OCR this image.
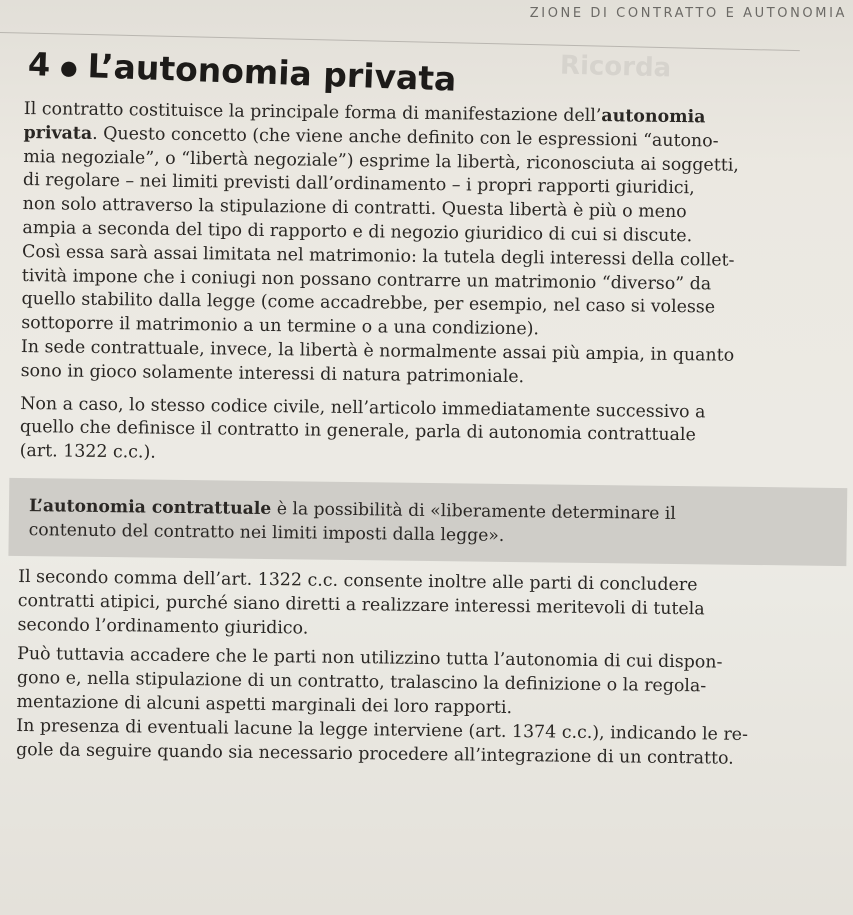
ZIONE DI CONTRATTO E AUTONOMIA
Ricorda
4 ● L’autonomia privata

Il contratto costituisce la principale forma di manifestazione dell’autonomia
privata. Questo concetto (che viene anche definito con le espressioni “autono-
mia negoziale”, o “libertà negoziale”) esprime la libertà, riconosciuta ai soggetti,
di regolare – nei limiti previsti dall’ordinamento – i propri rapporti giuridici,
non solo attraverso la stipulazione di contratti. Questa libertà è più o meno
ampia a seconda del tipo di rapporto e di negozio giuridico di cui si discute.
Così essa sarà assai limitata nel matrimonio: la tutela degli interessi della collet-
tività impone che i coniugi non possano contrarre un matrimonio “diverso” da
quello stabilito dalla legge (come accadrebbe, per esempio, nel caso si volesse
sottoporre il matrimonio a un termine o a una condizione).
In sede contrattuale, invece, la libertà è normalmente assai più ampia, in quanto
sono in gioco solamente interessi di natura patrimoniale.

Non a caso, lo stesso codice civile, nell’articolo immediatamente successivo a
quello che definisce il contratto in generale, parla di autonomia contrattuale
(art. 1322 c.c.).

L’autonomia contrattuale è la possibilità di «liberamente determinare il
contenuto del contratto nei limiti imposti dalla legge».

Il secondo comma dell’art. 1322 c.c. consente inoltre alle parti di concludere
contratti atipici, purché siano diretti a realizzare interessi meritevoli di tutela
secondo l’ordinamento giuridico.

Può tuttavia accadere che le parti non utilizzino tutta l’autonomia di cui dispon-
gono e, nella stipulazione di un contratto, tralascino la definizione o la regola-
mentazione di alcuni aspetti marginali dei loro rapporti.

In presenza di eventuali lacune la legge interviene (art. 1374 c.c.), indicando le re-
gole da seguire quando sia necessario procedere all’integrazione di un contratto.
